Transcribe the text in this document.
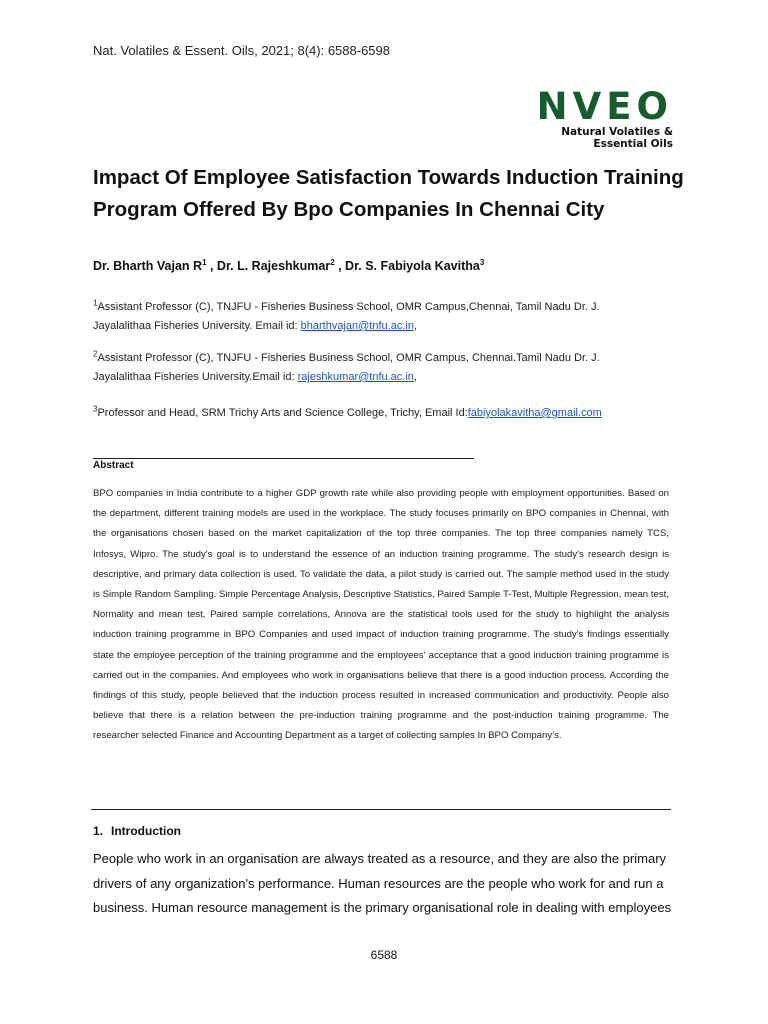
Nat. Volatiles & Essent. Oils, 2021; 8(4): 6588-6598
NVEO
Natural Volatiles &
Essential Oils
Impact Of Employee Satisfaction Towards Induction Training
Program Offered By Bpo Companies In Chennai City
Dr. Bharth Vajan $R^1$ , Dr. L. Rajeshkumar$^2$ , Dr. S. Fabiyola Kavitha$^3$
$^1$Assistant Professor (C), TNJFU - Fisheries Business School, OMR Campus,Chennai, Tamil Nadu Dr. J.
Jayalalithaa Fisheries University. Email id: bharthvajan@tnfu.ac.in,
$^2$Assistant Professor (C), TNJFU - Fisheries Business School, OMR Campus, Chennai.Tamil Nadu Dr. J.
Jayalalithaa Fisheries University.Email id: rajeshkumar@tnfu.ac.in,
$^3$Professor and Head, SRM Trichy Arts and Science College, Trichy, Email Id:fabiyolakavitha@gmail.com
Abstract
BPO companies in India contribute to a higher GDP growth rate while also providing people with employment opportunities. Based on the department, different training models are used in the workplace. The study focuses primarily on BPO companies in Chennai, with the organisations chosen based on the market capitalization of the top three companies. The top three companies namely TCS, Infosys, Wipro. The study's goal is to understand the essence of an induction training programme. The study's research design is descriptive, and primary data collection is used. To validate the data, a pilot study is carried out. The sample method used in the study is Simple Random Sampling. Simple Percentage Analysis, Descriptive Statistics, Paired Sample T-Test, Multiple Regression, mean test, Normality and mean test, Paired sample correlations, Annova are the statistical tools used for the study to highlight the analysis induction training programme in BPO Companies and used impact of induction training programme. The study's findings essentially state the employee perception of the training programme and the employees' acceptance that a good induction training programme is carried out in the companies. And employees who work in organisations believe that there is a good induction process. According the findings of this study, people believed that the induction process resulted in increased communication and productivity. People also believe that there is a relation between the pre-induction training programme and the post-induction training programme. The researcher selected Finance and Accounting Department as a target of collecting samples In BPO Company’s.
1. Introduction
People who work in an organisation are always treated as a resource, and they are also the primary drivers of any organization's performance. Human resources are the people who work for and run a business. Human resource management is the primary organisational role in dealing with employees
6588
